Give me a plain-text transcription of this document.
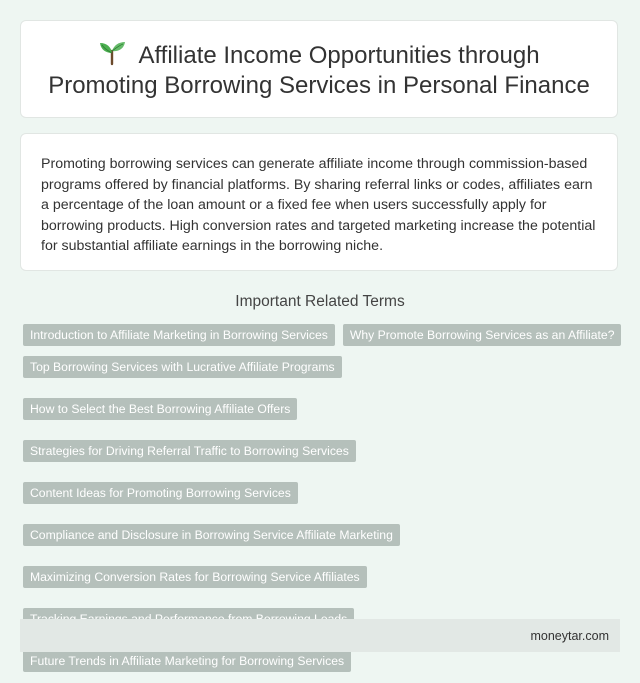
Affiliate Income Opportunities through Promoting Borrowing Services in Personal Finance

Promoting borrowing services can generate affiliate income through commission-based programs offered by financial platforms. By sharing referral links or codes, affiliates earn a percentage of the loan amount or a fixed fee when users successfully apply for borrowing products. High conversion rates and targeted marketing increase the potential for substantial affiliate earnings in the borrowing niche.

Important Related Terms
Introduction to Affiliate Marketing in Borrowing Services	Why Promote Borrowing Services as an Affiliate?
Top Borrowing Services with Lucrative Affiliate Programs
How to Select the Best Borrowing Affiliate Offers
Strategies for Driving Referral Traffic to Borrowing Services
Content Ideas for Promoting Borrowing Services
Compliance and Disclosure in Borrowing Service Affiliate Marketing
Maximizing Conversion Rates for Borrowing Service Affiliates
Future Trends in Affiliate Marketing for Borrowing Services
moneytar.com
